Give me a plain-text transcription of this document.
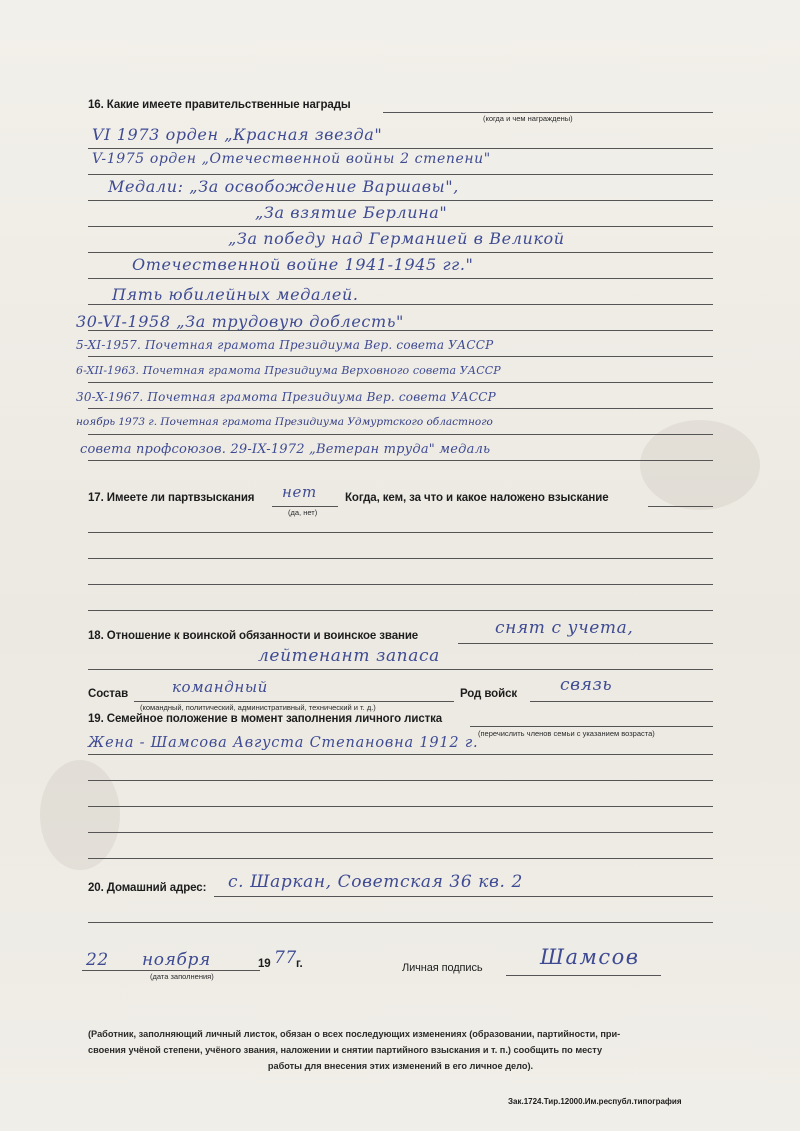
16. Какие имеете правительственные награды
(когда и чем награждены)
VI 1973 орден „Красная звезда"
V-1975 орден „Отечественной войны 2 степени"
Медали: „За освобождение Варшавы",
„За взятие Берлина"
„За победу над Германией в Великой
Отечественной войне 1941-1945 гг."
Пять юбилейных медалей.
30-VI-1958 „За трудовую доблесть"
5-XI-1957. Почетная грамота Президиума Вер. совета УАССР
6-XII-1963. Почетная грамота Президиума Верховного совета УАССР
30-X-1967. Почетная грамота Президиума Вер. совета УАССР
ноябрь 1973 г. Почетная грамота Президиума Удмуртского областного
совета профсоюзов. 29-IX-1972 „Ветеран труда" медаль
17. Имеете ли партвзыскания нет
(да, нет)
Когда, кем, за что и какое наложено взыскание
18. Отношение к воинской обязанности и воинское звание	снят с учета,
лейтенант запаса
Состав	командный
(командный, политический, административный, технический и т. д.)
Род войск	связь
19. Семейное положение в момент заполнения личного листка
(перечислить членов семьи с указанием возраста)
Жена - Шамсова Августа Степановна 1912 г.
20. Домашний адрес: с. Шаркан, Советская 36 кв. 2
22 ноября	19 77 г.
(дата заполнения)
Личная подпись	Шамсов
(Работник, заполняющий личный листок, обязан о всех последующих изменениях (образовании, партийности, при-
своения учёной степени, учёного звания, наложении и снятии партийного взыскания и т. п.) сообщить по месту
работы для внесения этих изменений в его личное дело).
Зак.1724.Тир.12000.Им.республ.типография
